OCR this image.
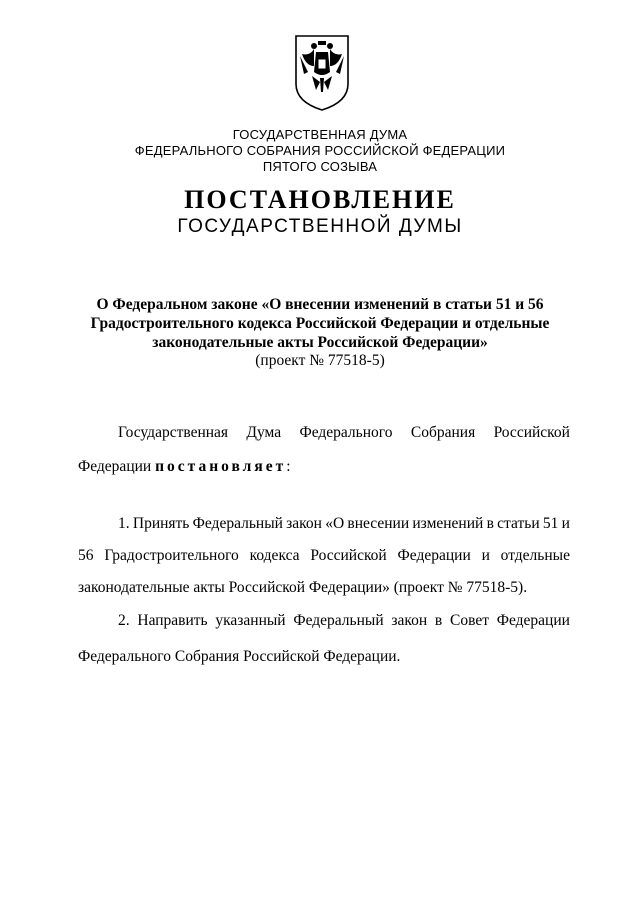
ГОСУДАРСТВЕННАЯ ДУМА
ФЕДЕРАЛЬНОГО СОБРАНИЯ РОССИЙСКОЙ ФЕДЕРАЦИИ
ПЯТОГО СОЗЫВА
ПОСТАНОВЛЕНИЕ
ГОСУДАРСТВЕННОЙ ДУМЫ
О Федеральном законе «О внесении изменений в статьи 51 и 56
Градостроительного кодекса Российской Федерации и отдельные
законодательные акты Российской Федерации»
(проект № 77518-5)
Государственная Дума Федерального Собрания Российской
Федерации постановляет:
1. Принять Федеральный закон «О внесении изменений в статьи 51 и
56 Градостроительного кодекса Российской Федерации и отдельные
законодательные акты Российской Федерации» (проект № 77518-5).
2. Направить указанный Федеральный закон в Совет Федерации
Федерального Собрания Российской Федерации.
